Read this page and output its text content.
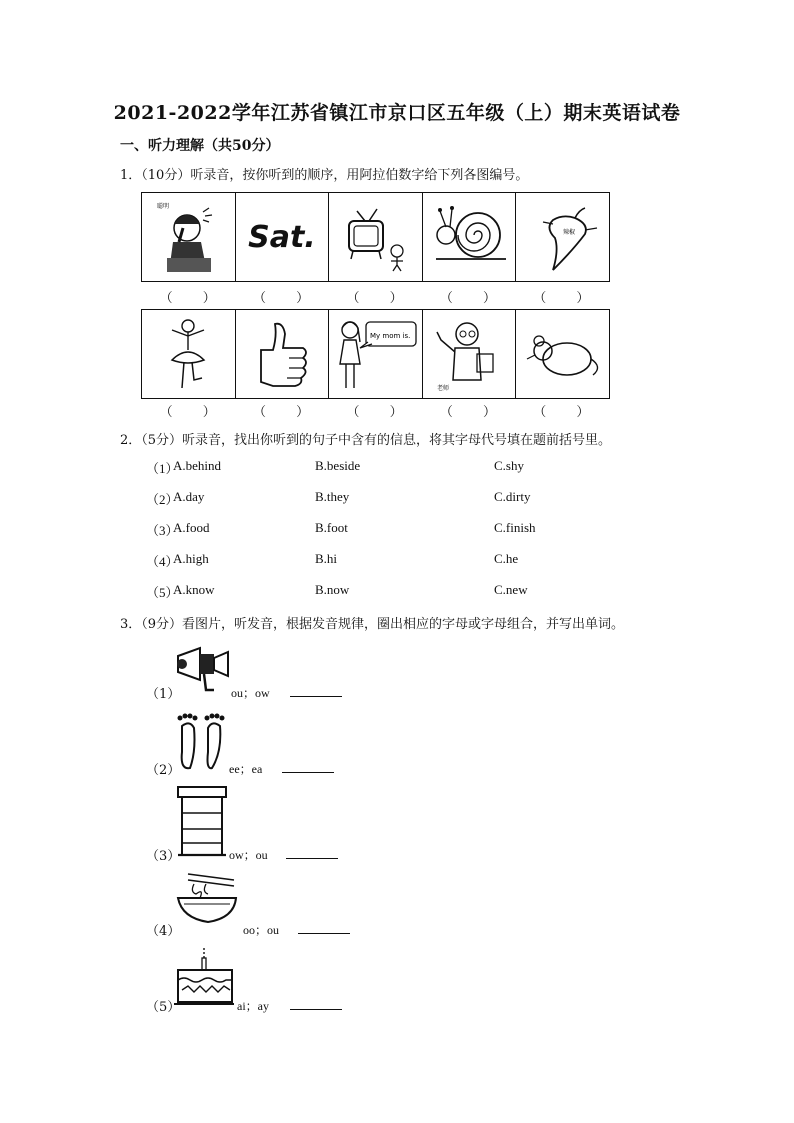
2021-2022学年江苏省镇江市京口区五年级（上）期末英语试卷
一、听力理解（共50分）
1．（10分）听录音，按你听到的顺序，用阿拉伯数字给下列各图编号。
聪明
Sat.	辣椒
（ ）	（ ）	（ ）	（ ）	（ ）
My mom is.
老师
（ ）	（ ）	（ ）	（ ）	（ ）
2．（5分）听录音，找出你听到的句子中含有的信息，将其字母代号填在题前括号里。
（1）
A.behind	B.beside	C.shy
（2）
A.day	B.they	C.dirty
（3）
A.food	B.foot	C.finish
（4）
A.high	B.hi	C.he
（5）
A.know	B.now	C.new
3．（9分）看图片，听发音，根据发音规律，圈出相应的字母或字母组合，并写出单词。
（1）	ou；ow
（2）	ee；ea
（3）	ow；ou
（4）	oo；ou
（5）	ai；ay
